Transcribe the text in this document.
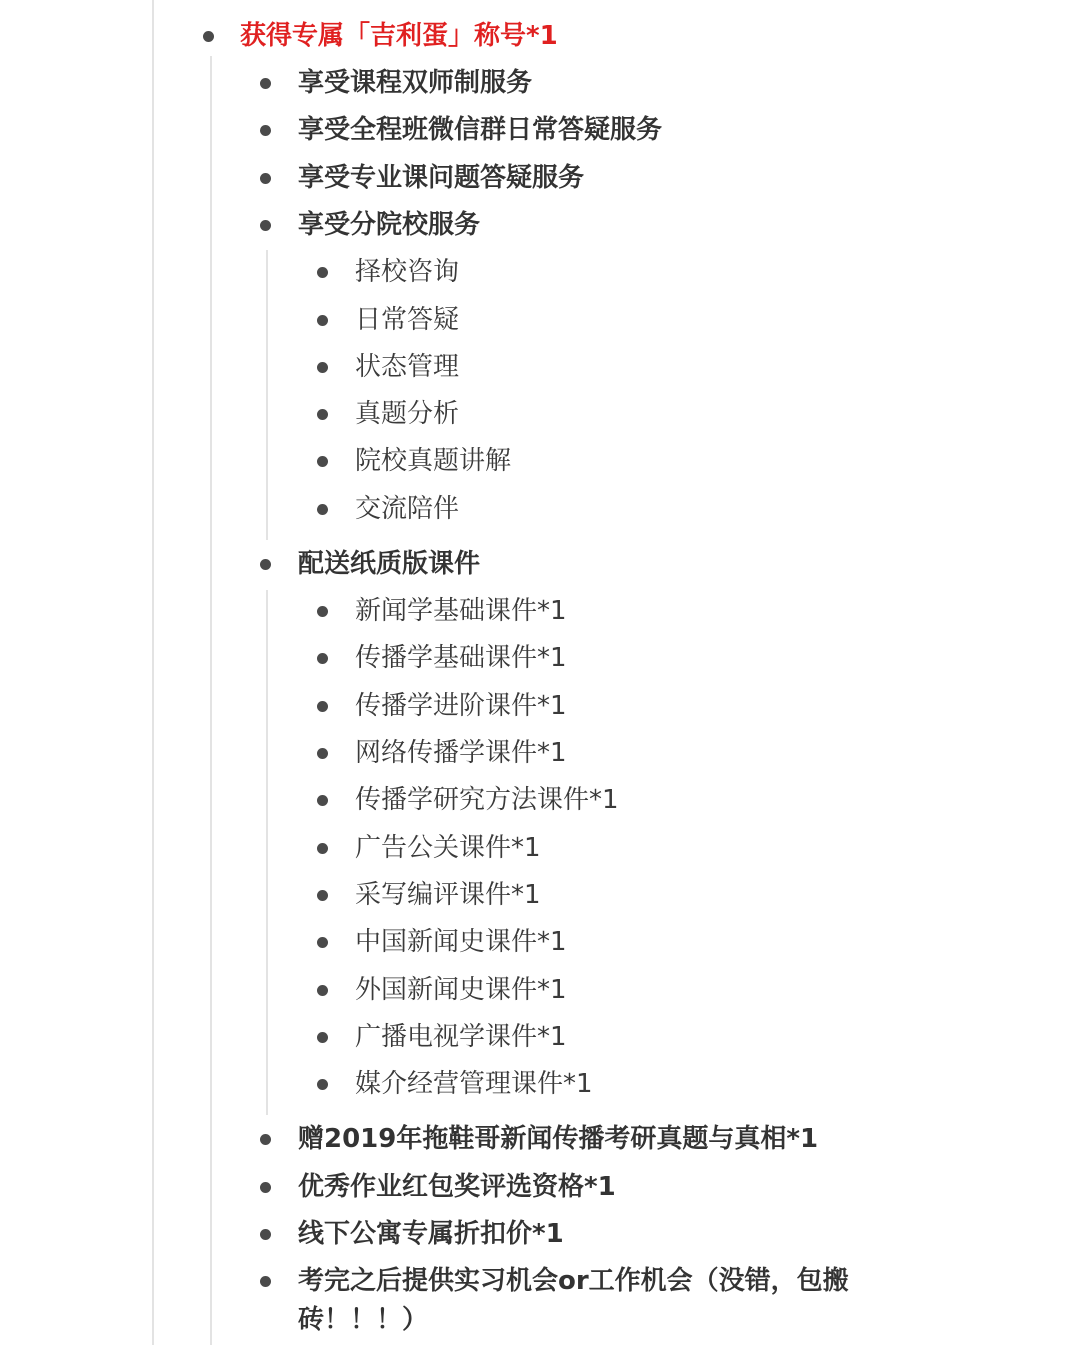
获得专属「吉利蛋」称号*1
享受课程双师制服务
享受全程班微信群日常答疑服务
享受专业课问题答疑服务
享受分院校服务
择校咨询
日常答疑
状态管理
真题分析
院校真题讲解
交流陪伴
配送纸质版课件
新闻学基础课件*1
传播学基础课件*1
传播学进阶课件*1
网络传播学课件*1
传播学研究方法课件*1
广告公关课件*1
采写编评课件*1
中国新闻史课件*1
外国新闻史课件*1
广播电视学课件*1
媒介经营管理课件*1
赠2019年拖鞋哥新闻传播考研真题与真相*1
优秀作业红包奖评选资格*1
线下公寓专属折扣价*1
考完之后提供实习机会or工作机会（没错，包搬
砖！！！）
